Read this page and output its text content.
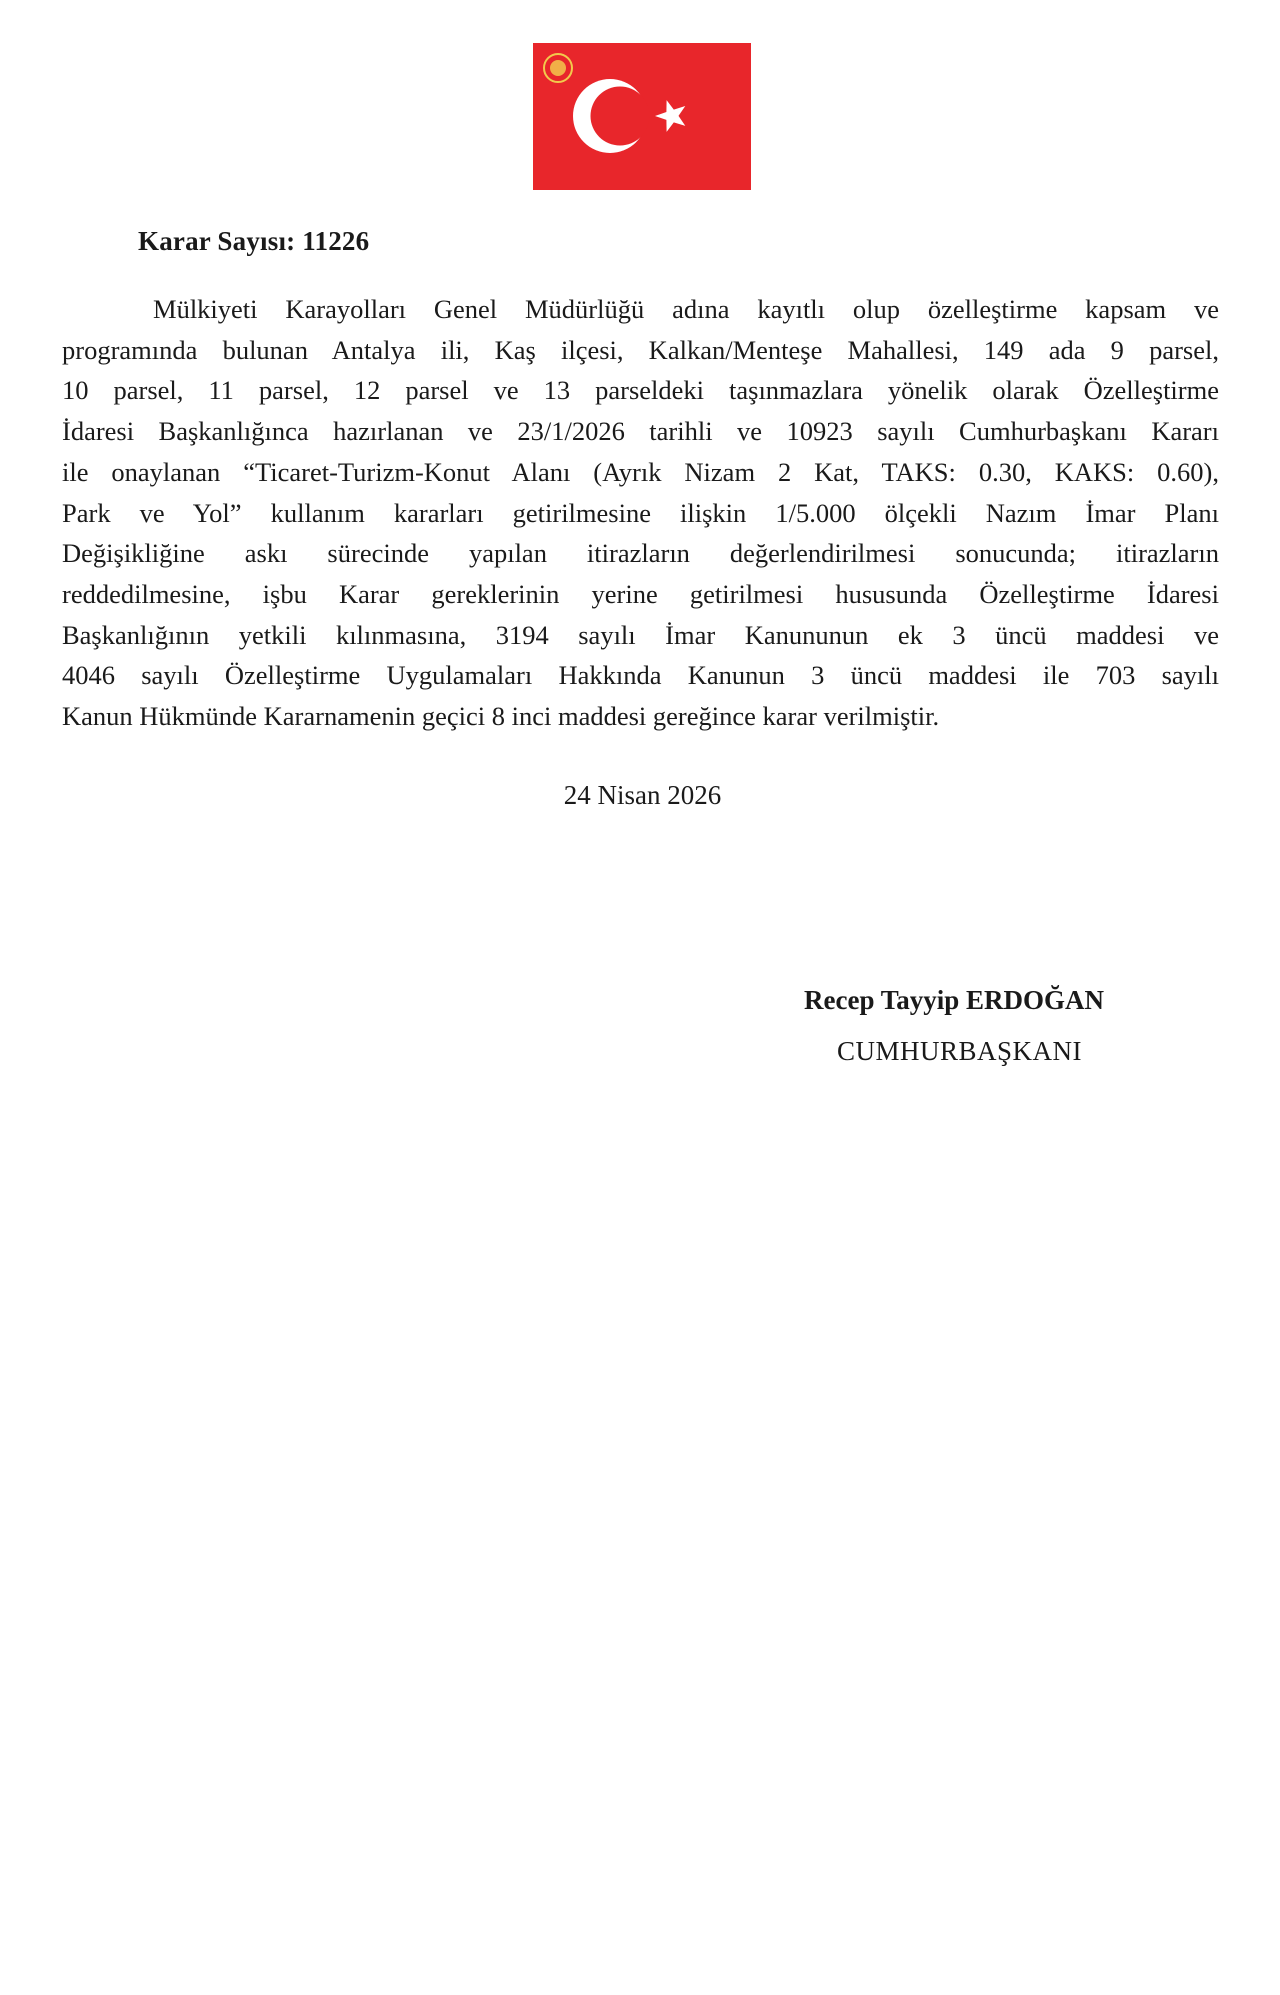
Karar Sayısı: 11226
Mülkiyeti Karayolları Genel Müdürlüğü adına kayıtlı olup özelleştirme kapsam ve
programında bulunan Antalya ili, Kaş ilçesi, Kalkan/Menteşe Mahallesi, 149 ada 9 parsel,
10 parsel, 11 parsel, 12 parsel ve 13 parseldeki taşınmazlara yönelik olarak Özelleştirme
İdaresi Başkanlığınca hazırlanan ve 23/1/2026 tarihli ve 10923 sayılı Cumhurbaşkanı Kararı
ile onaylanan “Ticaret-Turizm-Konut Alanı (Ayrık Nizam 2 Kat, TAKS: 0.30, KAKS: 0.60),
Park ve Yol” kullanım kararları getirilmesine ilişkin 1/5.000 ölçekli Nazım İmar Planı
Değişikliğine askı sürecinde yapılan itirazların değerlendirilmesi sonucunda; itirazların
reddedilmesine, işbu Karar gereklerinin yerine getirilmesi hususunda Özelleştirme İdaresi
Başkanlığının yetkili kılınmasına, 3194 sayılı İmar Kanununun ek 3 üncü maddesi ve
4046 sayılı Özelleştirme Uygulamaları Hakkında Kanunun 3 üncü maddesi ile 703 sayılı
Kanun Hükmünde Kararnamenin geçici 8 inci maddesi gereğince karar verilmiştir.
24 Nisan 2026
Recep Tayyip ERDOĞAN
CUMHURBAŞKANI
